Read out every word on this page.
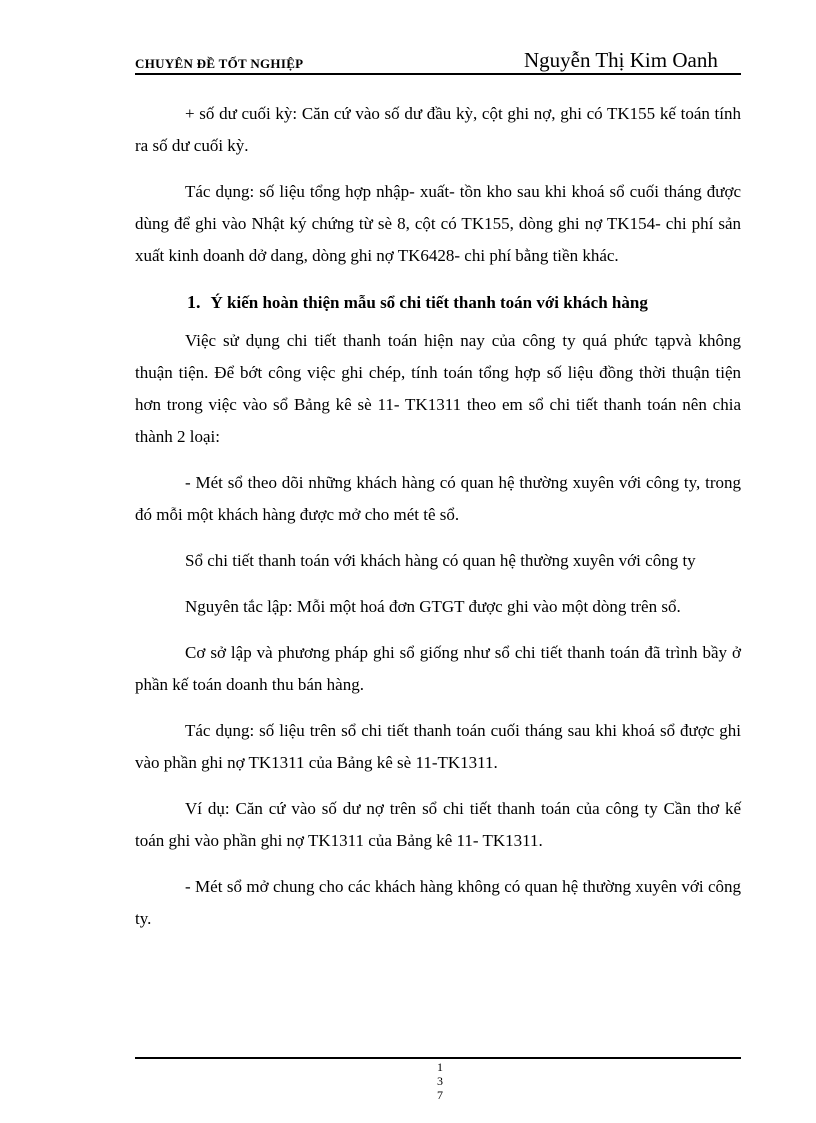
CHUYÊN ĐỀ TỐT NGHIỆP	Nguyễn Thị Kim Oanh

+ số dư cuối kỳ: Căn cứ vào số dư đầu kỳ, cột ghi nợ, ghi có TK155 kế toán tính ra số dư cuối kỳ.

Tác dụng: số liệu tổng hợp nhập- xuất- tồn kho sau khi khoá sổ cuối tháng được dùng để ghi vào Nhật ký chứng từ sè 8, cột có TK155, dòng ghi nợ TK154- chi phí sản xuất kinh doanh dở dang, dòng ghi nợ TK6428- chi phí bằng tiền khác.

1. Ý kiến hoàn thiện mẫu sổ chi tiết thanh toán với khách hàng

Việc sử dụng chi tiết thanh toán hiện nay của công ty quá phức tạpvà không thuận tiện. Để bớt công việc ghi chép, tính toán tổng hợp số liệu đồng thời thuận tiện hơn trong việc vào sổ Bảng kê sè 11- TK1311 theo em sổ chi tiết thanh toán nên chia thành 2 loại:

- Mét sổ theo dõi những khách hàng có quan hệ thường xuyên với công ty, trong đó mỗi một khách hàng được mở cho mét tê sổ.

Sổ chi tiết thanh toán với khách hàng có quan hệ thường xuyên với công ty

Nguyên tắc lập: Mỗi một hoá đơn GTGT được ghi vào một dòng trên sổ.

Cơ sở lập và phương pháp ghi sổ giống như sổ chi tiết thanh toán đã trình bầy ở phần kế toán doanh thu bán hàng.

Tác dụng: số liệu trên sổ chi tiết thanh toán cuối tháng sau khi khoá sổ được ghi vào phần ghi nợ TK1311 của Bảng kê sè 11-TK1311.

Ví dụ: Căn cứ vào số dư nợ trên sổ chi tiết thanh toán của công ty Cần thơ kế toán ghi vào phần ghi nợ TK1311 của Bảng kê 11- TK1311.

- Mét sổ mở chung cho các khách hàng không có quan hệ thường xuyên với công ty.

1
3
7
